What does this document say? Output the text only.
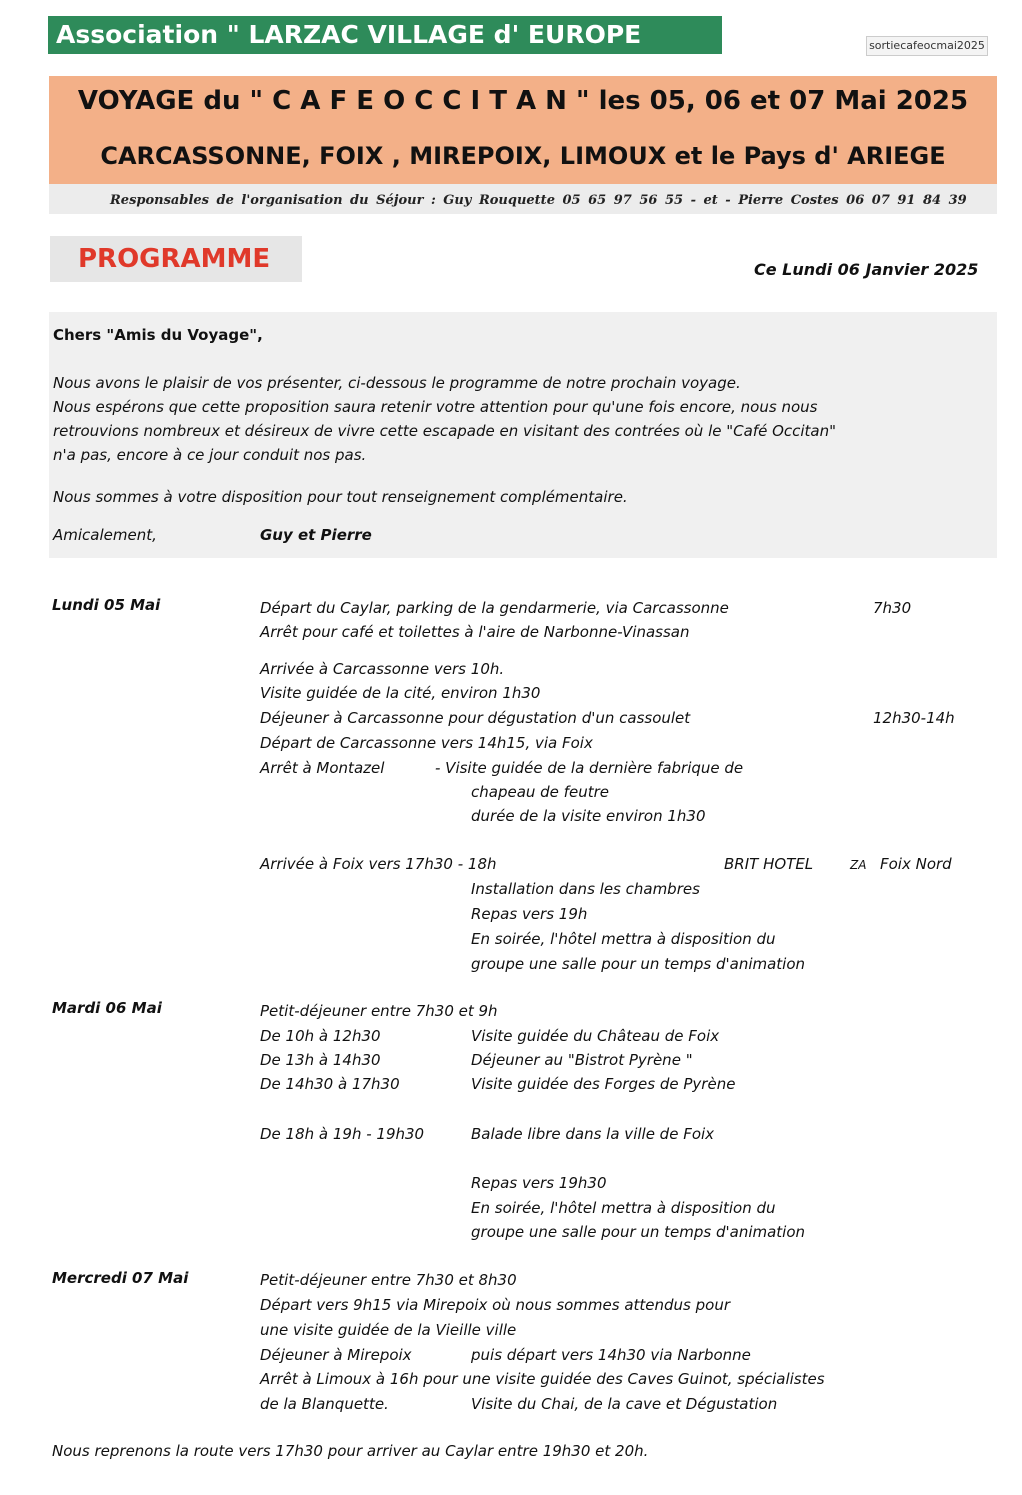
Association " LARZAC VILLAGE d' EUROPE	sortiecafeocmai2025
VOYAGE du " C A F E O C C I T A N " les 05, 06 et 07 Mai 2025
CARCASSONNE, FOIX , MIREPOIX, LIMOUX et le Pays d' ARIEGE
Responsables de l'organisation du Séjour : Guy Rouquette 05 65 97 56 55 - et - Pierre Costes 06 07 91 84 39
PROGRAMME	Ce Lundi 06 Janvier 2025
Chers "Amis du Voyage",
Nous avons le plaisir de vos présenter, ci-dessous le programme de notre prochain voyage.
Nous espérons que cette proposition saura retenir votre attention pour qu'une fois encore, nous nous
retrouvions nombreux et désireux de vivre cette escapade en visitant des contrées où le "Café Occitan"
n'a pas, encore à ce jour conduit nos pas.
Nous sommes à votre disposition pour tout renseignement complémentaire.
Amicalement,	Guy et Pierre
Lundi 05 Mai	Départ du Caylar, parking de la gendarmerie, via Carcassonne	7h30
Arrêt pour café et toilettes à l'aire de Narbonne-Vinassan
Arrivée à Carcassonne vers 10h.
Visite guidée de la cité, environ 1h30
Déjeuner à Carcassonne pour dégustation d'un cassoulet	12h30-14h
Départ de Carcassonne vers 14h15, via Foix
Arrêt à Montazel	- Visite guidée de la dernière fabrique de
chapeau de feutre
durée de la visite environ 1h30
Arrivée à Foix vers 17h30 - 18h	BRIT HOTEL	ZA Foix Nord
Installation dans les chambres
Repas vers 19h
En soirée, l'hôtel mettra à disposition du
groupe une salle pour un temps d'animation
Mardi 06 Mai	Petit-déjeuner entre 7h30 et 9h
De 10h à 12h30	Visite guidée du Château de Foix
De 13h à 14h30	Déjeuner au "Bistrot Pyrène "
De 14h30 à 17h30	Visite guidée des Forges de Pyrène
De 18h à 19h - 19h30	Balade libre dans la ville de Foix
Repas vers 19h30
En soirée, l'hôtel mettra à disposition du
groupe une salle pour un temps d'animation
Mercredi 07 Mai	Petit-déjeuner entre 7h30 et 8h30
Départ vers 9h15 via Mirepoix où nous sommes attendus pour
une visite guidée de la Vieille ville
Déjeuner à Mirepoix	puis départ vers 14h30 via Narbonne
Arrêt à Limoux à 16h pour une visite guidée des Caves Guinot, spécialistes
de la Blanquette.	Visite du Chai, de la cave et Dégustation
Nous reprenons la route vers 17h30 pour arriver au Caylar entre 19h30 et 20h.
